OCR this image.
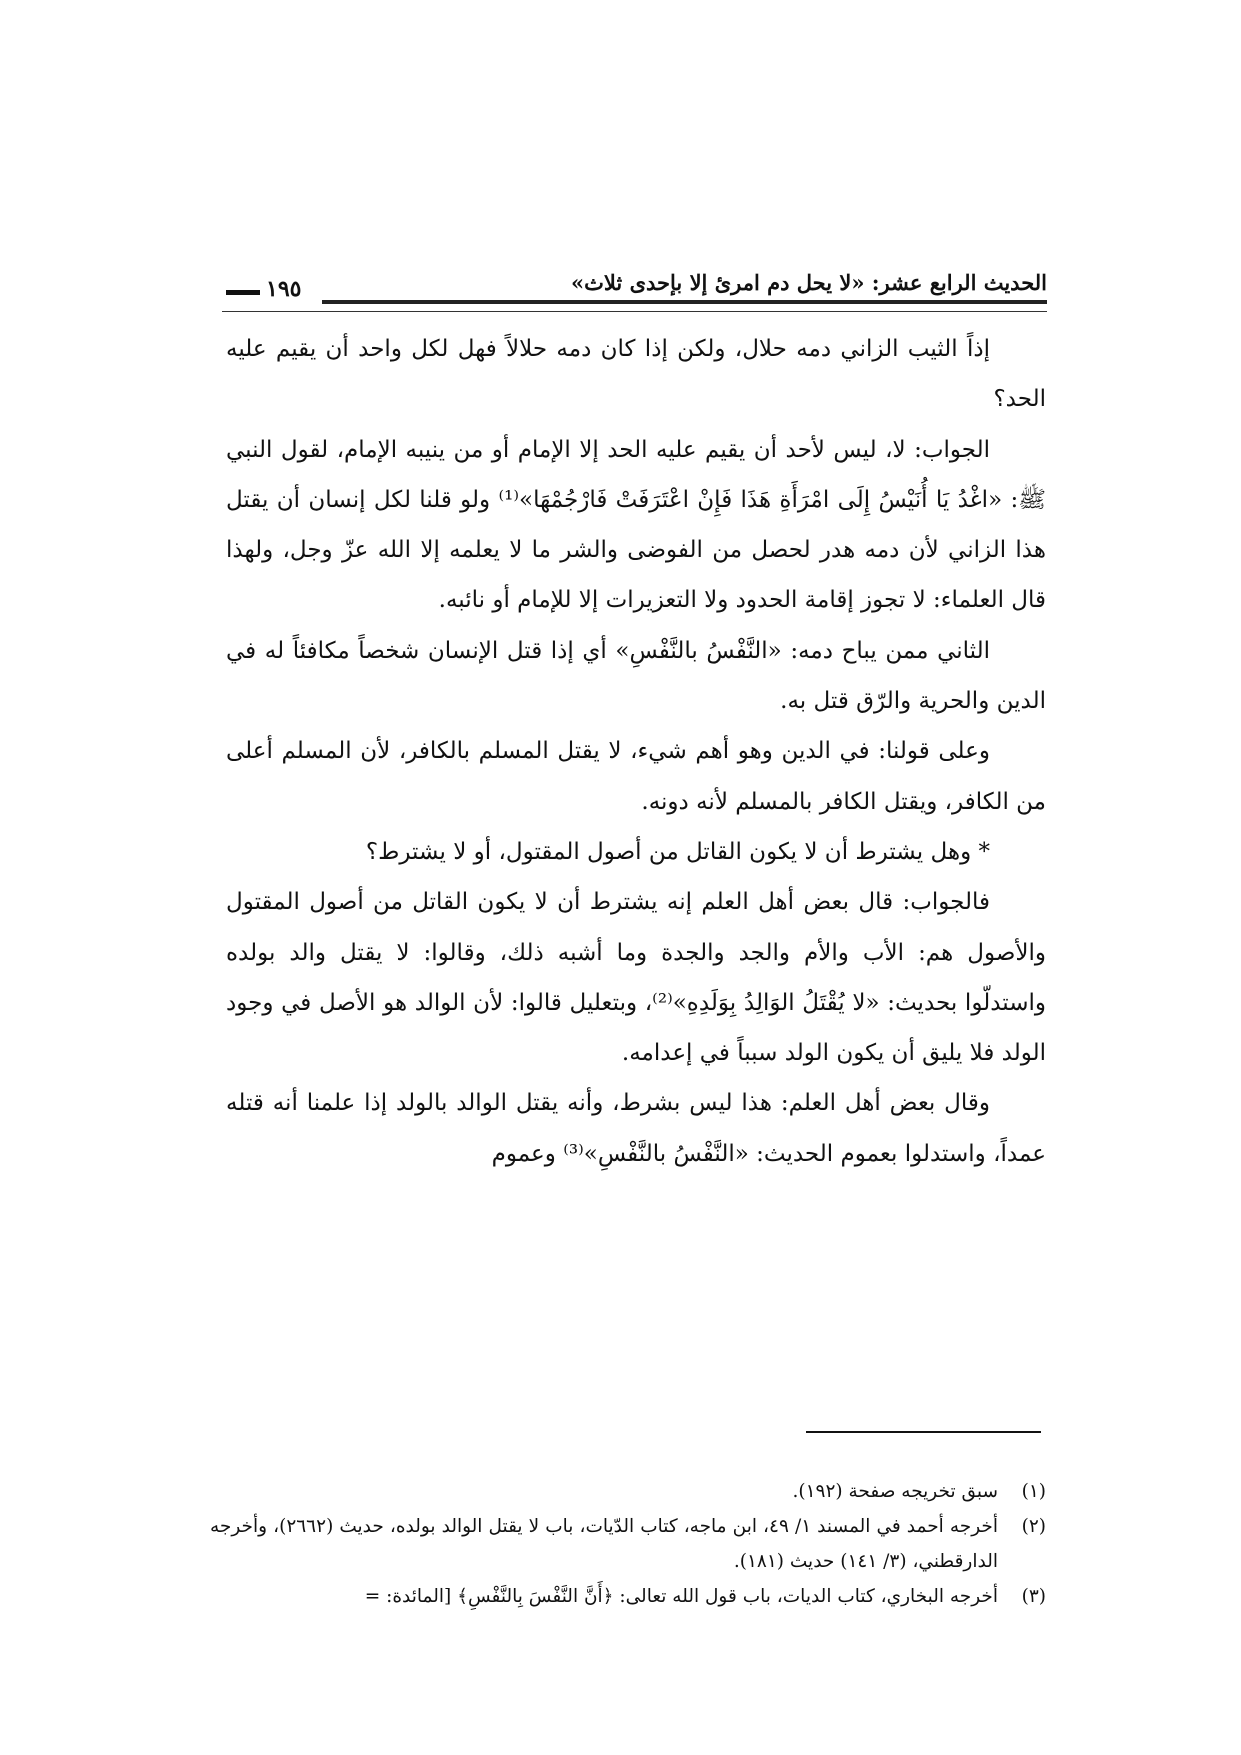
الحديث الرابع عشر: «لا يحل دم امرئ إلا بإحدى ثلاث»
١٩٥

إذاً الثيب الزاني دمه حلال، ولكن إذا كان دمه حلالاً فهل لكل واحد أن يقيم عليه الحد؟

الجواب: لا، ليس لأحد أن يقيم عليه الحد إلا الإمام أو من ينيبه الإمام، لقول النبي ﷺ: «اغْدُ يَا أُنَيْسُ إِلَى امْرَأَةِ هَذَا فَإِنْ اعْتَرَفَتْ فَارْجُمْهَا»⁽¹⁾ ولو قلنا لكل إنسان أن يقتل هذا الزاني لأن دمه هدر لحصل من الفوضى والشر ما لا يعلمه إلا الله عزّ وجل، ولهذا قال العلماء: لا تجوز إقامة الحدود ولا التعزيرات إلا للإمام أو نائبه.

الثاني ممن يباح دمه: «النَّفْسُ بالنَّفْسِ» أي إذا قتل الإنسان شخصاً مكافئاً له في الدين والحرية والرّق قتل به.

وعلى قولنا: في الدين وهو أهم شيء، لا يقتل المسلم بالكافر، لأن المسلم أعلى من الكافر، ويقتل الكافر بالمسلم لأنه دونه.

* وهل يشترط أن لا يكون القاتل من أصول المقتول، أو لا يشترط؟

فالجواب: قال بعض أهل العلم إنه يشترط أن لا يكون القاتل من أصول المقتول والأصول هم: الأب والأم والجد والجدة وما أشبه ذلك، وقالوا: لا يقتل والد بولده واستدلّوا بحديث: «لا يُقْتَلُ الوَالِدُ بِوَلَدِهِ»⁽²⁾، وبتعليل قالوا: لأن الوالد هو الأصل في وجود الولد فلا يليق أن يكون الولد سبباً في إعدامه.

وقال بعض أهل العلم: هذا ليس بشرط، وأنه يقتل الوالد بالولد إذا علمنا أنه قتله عمداً، واستدلوا بعموم الحديث: «النَّفْسُ بالنَّفْسِ»⁽³⁾ وعموم

(١)
سبق تخريجه صفحة (١٩٢).
(٢)
أخرجه أحمد في المسند ١/ ٤٩، ابن ماجه، كتاب الدّيات، باب لا يقتل الوالد بولده، حديث (٢٦٦٢)، وأخرجه الدارقطني، (٣/ ١٤١) حديث (١٨١).
(٣)
أخرجه البخاري، كتاب الديات، باب قول الله تعالى: ﴿أَنَّ النَّفْسَ بِالنَّفْسِ﴾ [المائدة: =
